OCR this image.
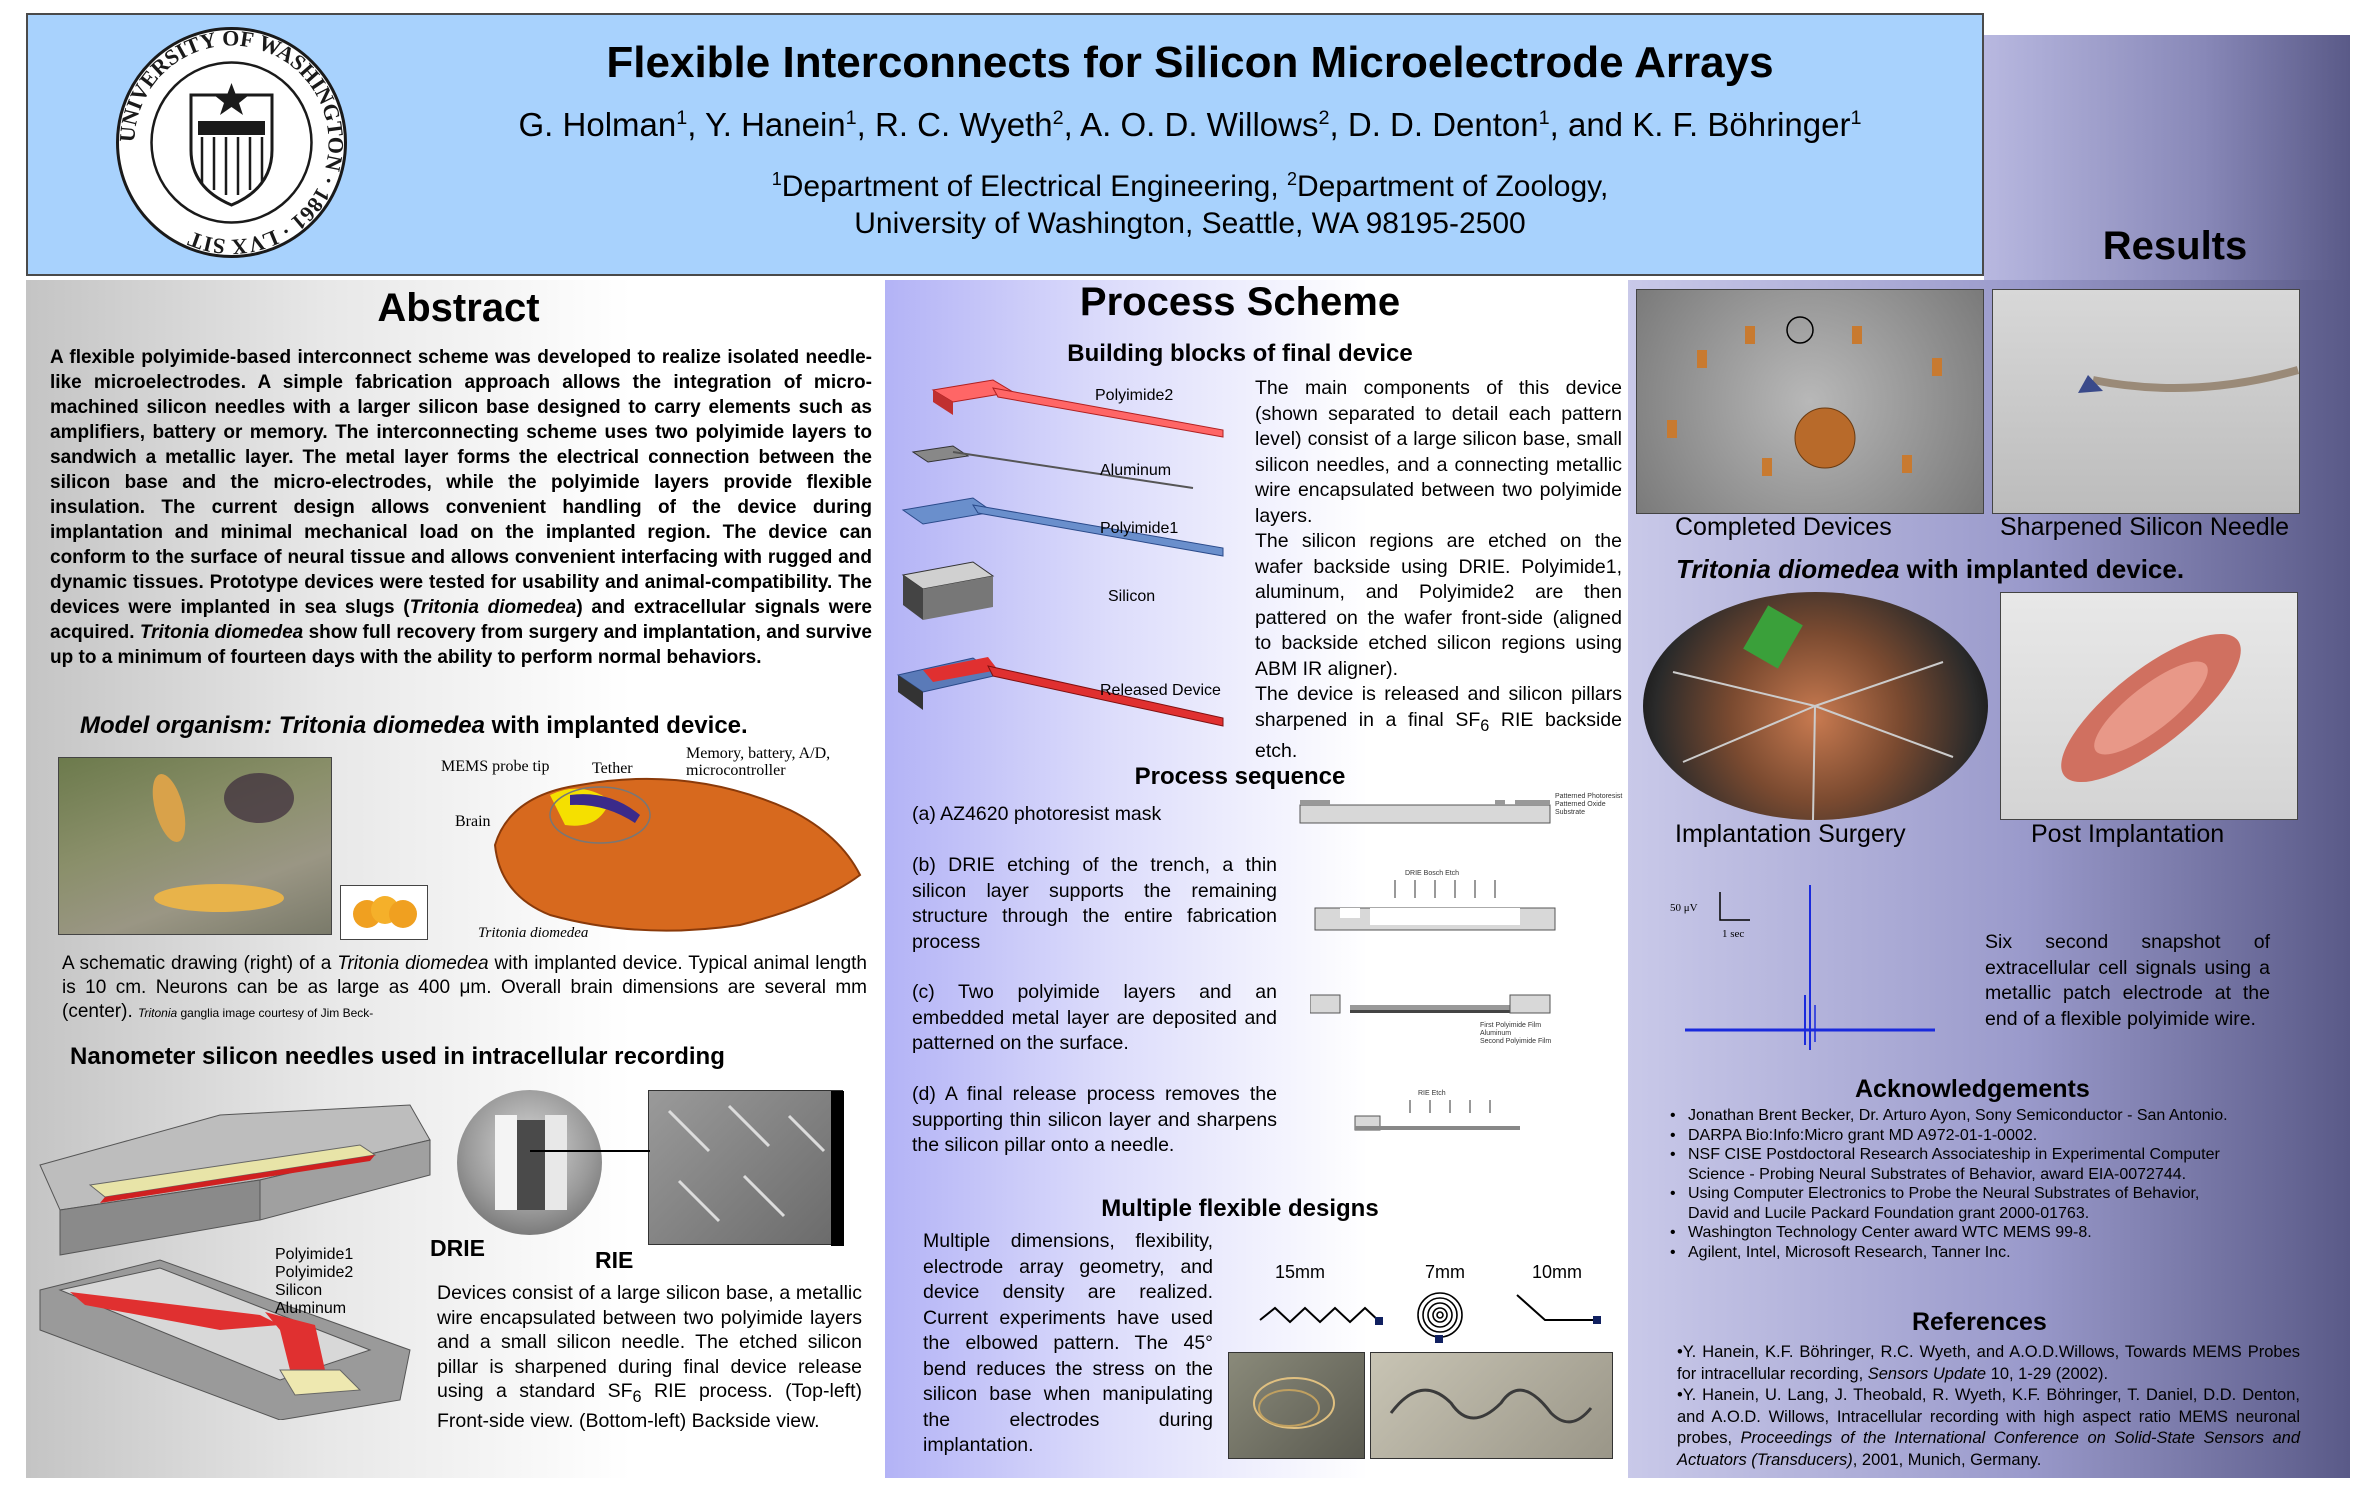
UNIVERSITY OF WASHINGTON · 1861 · LVX SIT
Flexible Interconnects for Silicon Microelectrode Arrays
G. Holman$^1$, Y. Hanein$^1$, R. C. Wyeth$^2$, A. O. D. Willows$^2$, D. D. Denton$^1$, and K. F. Böhringer$^1$
$^1$Department of Electrical Engineering, $^2$Department of Zoology,
University of Washington, Seattle, WA 98195-2500
Abstract
A flexible polyimide-based interconnect scheme was developed to realize isolated needle-like microelectrodes. A simple fabrication approach allows the integration of micro-machined silicon needles with a larger silicon base designed to carry elements such as amplifiers, battery or memory. The interconnecting scheme uses two polyimide layers to sandwich a metallic layer. The metal layer forms the electrical connection between the silicon base and the micro-electrodes, while the polyimide layers provide flexible insulation. The current design allows convenient handling of the device during implantation and minimal mechanical load on the implanted region. The device can conform to the surface of neural tissue and allows convenient interfacing with rugged and dynamic tissues. Prototype devices were tested for usability and animal-compatibility. The devices were implanted in sea slugs (Tritonia diomedea) and extracellular signals were acquired. Tritonia diomedea show full recovery from surgery and implantation, and survive up to a minimum of fourteen days with the ability to perform normal behaviors.
Model organism: Tritonia diomedea with implanted device.
MEMS probe tip	Tether
Memory, battery, A/D, microcontroller
Brain
Tritonia diomedea
A schematic drawing (right) of a Tritonia diomedea with implanted device. Typical animal length is 10 cm. Neurons can be as large as 400 μm. Overall brain dimensions are several mm (center). Tritonia ganglia image courtesy of Jim Beck-
Nanometer silicon needles used in intracellular recording
Polyimide1
Polyimide2
Silicon
Aluminum
DRIE	RIE
Devices consist of a large silicon base, a metallic wire encapsulated between two polyimide layers and a small silicon needle. The etched silicon pillar is sharpened during final device release using a standard $SF_6$ RIE process. (Top-left) Front-side view. (Bottom-left) Backside view.
Process Scheme
Building blocks of final device
Polyimide2
Aluminum
Polyimide1
Silicon
Released Device
The main components of this device (shown separated to detail each pattern level) consist of a large silicon base, small silicon needles, and a connecting metallic wire encapsulated between two polyimide layers.
The silicon regions are etched on the wafer backside using DRIE. Polyimide1, aluminum, and Polyimide2 are then pattered on the wafer front-side (aligned to backside etched silicon regions using ABM IR aligner).
The device is released and silicon pillars sharpened in a final $SF_6$ RIE backside etch.
Process sequence
(a) AZ4620 photoresist mask
(b) DRIE etching of the trench, a thin silicon layer supports the remaining structure through the entire fabrication process
(c) Two polyimide layers and an embedded metal layer are deposited and patterned on the surface.
(d) A final release process removes the supporting thin silicon layer and sharpens the silicon pillar onto a needle.
Patterned Photoresist
Patterned Oxide
Substrate
DRIE Bosch Etch
First Polyimide Film
Aluminum
Second Polyimide Film
RIE Etch
Multiple flexible designs
Multiple dimensions, flexibility, electrode array geometry, and device density are realized. Current experiments have used the elbowed pattern. The 45° bend reduces the stress on the silicon base when manipulating the electrodes during implantation.
15mm	7mm	10mm
Results
Completed Devices	Sharpened Silicon Needle
Tritonia diomedea with implanted device.
Implantation Surgery	Post Implantation
50 μV
1 sec	Six second snapshot of extracellular cell signals using a metallic patch electrode at the end of a flexible polyimide wire.
Acknowledgements
• Jonathan Brent Becker, Dr. Arturo Ayon, Sony Semiconductor - San Antonio.
• DARPA Bio:Info:Micro grant MD A972-01-1-0002.
• NSF CISE Postdoctoral Research Associateship in Experimental Computer Science - Probing Neural Substrates of Behavior, award EIA-0072744.
• Using Computer Electronics to Probe the Neural Substrates of Behavior, David and Lucile Packard Foundation grant 2000-01763.
• Washington Technology Center award WTC MEMS 99-8.
• Agilent, Intel, Microsoft Research, Tanner Inc.
References
•Y. Hanein, K.F. Böhringer, R.C. Wyeth, and A.O.D.Willows, Towards MEMS Probes for intracellular recording, Sensors Update 10, 1-29 (2002).
•Y. Hanein, U. Lang, J. Theobald, R. Wyeth, K.F. Böhringer, T. Daniel, D.D. Denton, and A.O.D. Willows, Intracellular recording with high aspect ratio MEMS neuronal probes, Proceedings of the International Conference on Solid-State Sensors and Actuators (Transducers), 2001, Munich, Germany.
